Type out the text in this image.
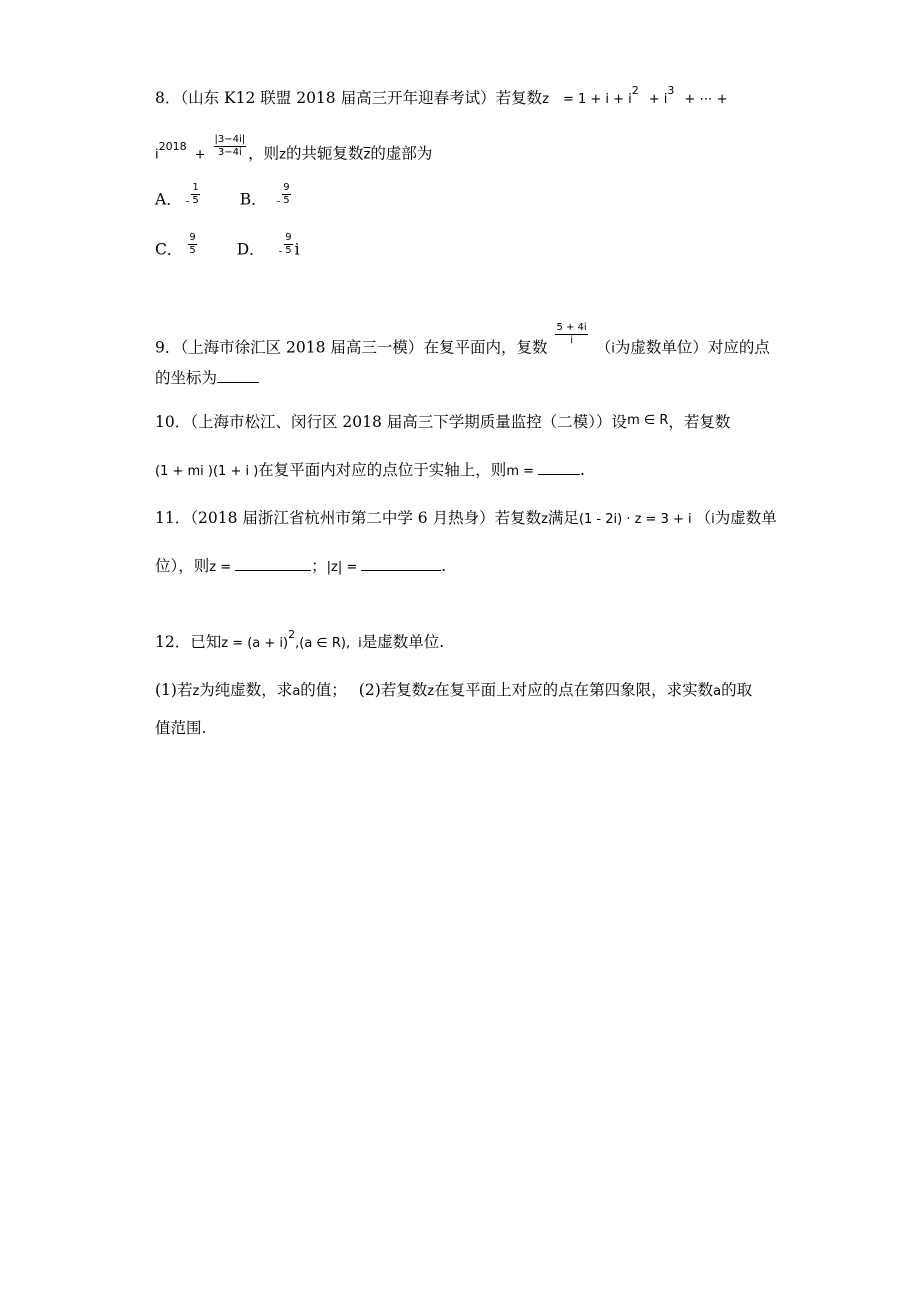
8．（山东 K12 联盟 2018 届高三开年迎春考试）若复数$z = 1 + i + i^2+ i^3+$ ⋯ +
$i^{2018}+ \frac{|3-4i|}{3-4i}$ ，则z的共轭复数$\overline{z}$的虚部为
A． - $\frac{1}{5}$	B． - $\frac{9}{5}$
C． $\frac{9}{5}$	D． - $\frac{9}{5}$ i
9．（上海市徐汇区 2018 届高三一模）在复平面内，复数
$\frac{5 + 4i}{i}$
（i为虚数单位）对应的点
的坐标为
10．（上海市松江、闵行区 2018 届高三下学期质量监控（二模））设m ∈ R，若复数
(1 + mi )(1 + i )在复平面内对应的点位于实轴上，则m =	.
11．（2018 届浙江省杭州市第二中学 6 月热身）若复数z满足(1 - 2i) · z = 3 + i （i为虚数单
位），则z =	；|z| =	.
12．已知$z = (a + i)^2,(a$ ∈ R), i是虚数单位.
(1)若z为纯虚数，求a的值； (2)若复数z在复平面上对应的点在第四象限，求实数a的取
值范围.
